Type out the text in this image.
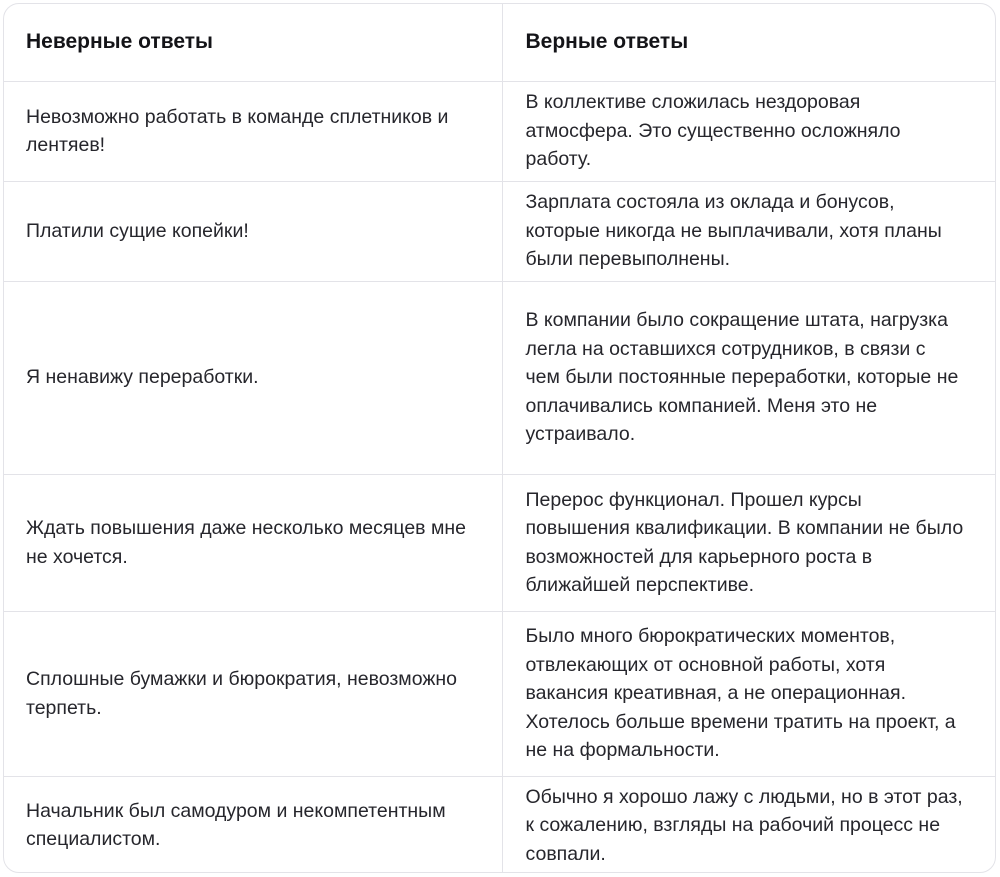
Неверные ответы	Верные ответы
Невозможно работать в команде сплетников и лентяев!	В коллективе сложилась нездоровая атмосфера. Это существенно осложняло работу.
Платили сущие копейки!	Зарплата состояла из оклада и бонусов, которые никогда не выплачивали, хотя планы были перевыполнены.
Я ненавижу переработки.	В компании было сокращение штата, нагрузка легла на оставшихся сотрудников, в связи с чем были постоянные переработки, которые не оплачивались компанией. Меня это не устраивало.
Ждать повышения даже несколько месяцев мне не хочется.	Перерос функционал. Прошел курсы повышения квалификации. В компании не было возможностей для карьерного роста в ближайшей перспективе.
Сплошные бумажки и бюрократия, невозможно терпеть.	Было много бюрократических моментов, отвлекающих от основной работы, хотя вакансия креативная, а не операционная. Хотелось больше времени тратить на проект, а не на формальности.
Начальник был самодуром и некомпетентным специалистом.	Обычно я хорошо лажу с людьми, но в этот раз, к сожалению, взгляды на рабочий процесс не совпали.
